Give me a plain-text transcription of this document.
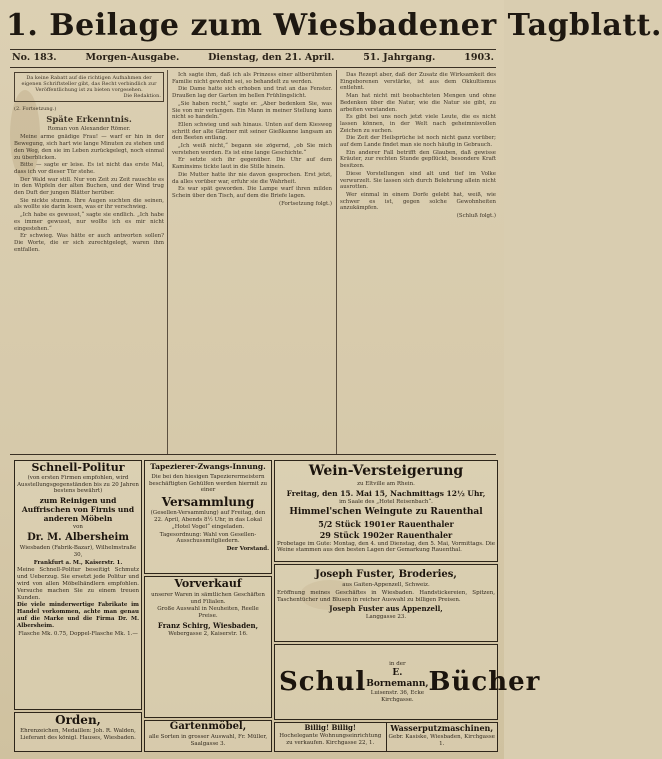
1. Beilage zum Wiesbadener Tagblatt.
No. 183.	Morgen-Ausgabe.	Dienstag, den 21. April.	51. Jahrgang.	1903.
Da keine Rabatt auf die richtigen Aufnahmen der eigenen Schriftsteller gibt, das Recht verbindlich zur Veröffentlichung ist zu bieten vorgesehen.
Die Redaktion.
(2. Fortsetzung.)
Späte Erkenntnis.
Roman von Alexander Römer.

Meine arme gnädige Frau! — warf er hin in der Bewegung, sich hart wie lange Minuten zu stehen und den Weg, den sie im Leben zurückgelegt, noch einmal zu überblicken.

Bitte — sagte er leise. Es ist nicht das erste Mal, dass ich vor dieser Tür stehe.

Der Wald war still. Nur von Zeit zu Zeit rauschte es in den Wipfeln der alten Buchen, und der Wind trug den Duft der jungen Blätter herüber.

Sie nickte stumm. Ihre Augen suchten die seinen, als wollte sie darin lesen, was er ihr verschwieg.

„Ich habe es gewusst,“ sagte sie endlich. „Ich habe es immer gewusst, nur wollte ich es mir nicht eingestehen.“

Er schwieg. Was hätte er auch antworten sollen? Die Worte, die er sich zurechtgelegt, waren ihm entfallen.

Ich sagte ihm, daß ich als Prinzess einer altberühmten Familie nicht gewohnt sei, so behandelt zu werden.

Die Dame hatte sich erhoben und trat an das Fenster. Draußen lag der Garten im hellen Frühlingslicht.

„Sie haben recht,“ sagte er. „Aber bedenken Sie, was Sie von mir verlangen. Ein Mann in meiner Stellung kann nicht so handeln.“

Ellen schwieg und sah hinaus. Unten auf dem Kiesweg schritt der alte Gärtner mit seiner Gießkanne langsam an den Beeten entlang.

„Ich weiß nicht,“ begann sie zögernd, „ob Sie mich verstehen werden. Es ist eine lange Geschichte.“

Er setzte sich ihr gegenüber. Die Uhr auf dem Kaminsims tickte laut in die Stille hinein.

Die Mutter hatte ihr nie davon gesprochen. Erst jetzt, da alles vorüber war, erfuhr sie die Wahrheit.

Es war spät geworden. Die Lampe warf ihren milden Schein über den Tisch, auf dem die Briefe lagen.

(Fortsetzung folgt.)

Das Rezept aber, daß der Zusatz die Wirksamkeit des Eingeborenen verstärke, ist aus dem Okkultismus entlehnt.

Man hat nicht mit beobachteten Mengen und ohne Bedenken über die Natur, wie die Natur sie gibt, zu arbeiten verstanden.

Es gibt bei uns noch jetzt viele Leute, die es nicht lassen können, in der Welt nach geheimnisvollen Zeichen zu suchen.

Die Zeit der Heilsprüche ist noch nicht ganz vorüber; auf dem Lande findet man sie noch häufig in Gebrauch.

Ein anderer Fall betrifft den Glauben, daß gewisse Kräuter, zur rechten Stunde gepflückt, besondere Kraft besitzen.

Diese Vorstellungen sind alt und tief im Volke verwurzelt. Sie lassen sich durch Belehrung allein nicht ausrotten.

Wer einmal in einem Dorfe gelebt hat, weiß, wie schwer es ist, gegen solche Gewohnheiten anzukämpfen.

(Schluß folgt.)

Schnell-Politur

(von ersten Firmen empfohlen, wird Ausstellungsgegenständen bis zu 20 Jahren bestens bewährt)

zum Reinigen und Auffrischen von Firnis und anderen Möbeln

von

Dr. M. Albersheim

Wiesbaden (Fabrik-Bazar), Wilhelmstraße 30,

Frankfurt a. M., Kaiserstr. 1.

Meine Schnell-Politur beseitigt Schmutz und Ueberzug. Sie ersetzt jede Politur und wird von allen Möbelhändlern empfohlen. Versuche machen Sie zu einem treuen Kunden.

Die viele minderwertige Fabrikate im Handel vorkommen, achte man genau auf die Marke und die Firma Dr. M. Albersheim.

Flasche Mk. 0.75, Doppel-Flasche Mk. 1.—

Orden,

Ehrenzeichen, Medaillen: Joh. R. Walden, Lieferant des königl. Hauses, Wiesbaden.

Tapezierer-Zwangs-Innung.

Die bei den hiesigen Tapezierermeistern beschäftigten Gehülfen werden hiermit zu einer

Versammlung

(Gesellen-Versammlung) auf Freitag, den 22. April, Abends 8½ Uhr, in das Lokal „Hotel Vogel“ eingeladen.

Tagesordnung: Wahl von Gesellen-Ausschussmitgliedern.

Der Vorstand.

Vorverkauf

unserer Waren in sämtlichen Geschäften und Filialen.

Große Auswahl in Neuheiten, Reelle Preise.

Franz Schirg, Wiesbaden,

Webergasse 2, Kaiserstr. 16.

Gartenmöbel,

alle Sorten in grosser Auswahl, Fr. Müller, Saalgasse 3.

Wein-Versteigerung

zu Eltville am Rhein.

Freitag, den 15. Mai 15, Nachmittags 12½ Uhr,

im Saale des „Hotel Reisenbach“.

Himmel'schen Weingute zu Rauenthal

5/2 Stück 1901er Rauenthaler

29 Stück 1902er Rauenthaler

Probetage im Gute: Montag, den 4. und Dienstag, den 5. Mai, Vormittags. Die Weine stammen aus den besten Lagen der Gemarkung Rauenthal.

Joseph Fuster, Broderies,

aus Gaiten-Appenzell, Schweiz.

Eröffnung meines Geschäftes in Wiesbaden. Handstickereien, Spitzen, Taschentücher und Blusen in reicher Auswahl zu billigen Preisen.

Joseph Fuster aus Appenzell,

Langgasse 23.

Schul
in der
E. Bornemann,
Luisenstr. 36, Ecke Kirchgasse.
Bücher
Billig! Billig!

Hochelegante Wohnungseinrichtung zu verkaufen. Kirchgasse 22, 1.

Wasserputzmaschinen,

Gebr. Kasiske, Wiesbaden, Kirchgasse 1.
